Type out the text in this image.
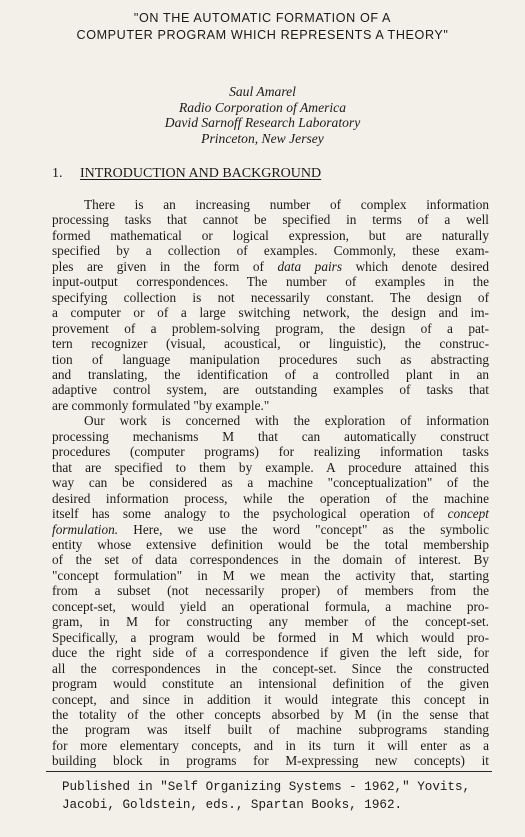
"ON THE AUTOMATIC FORMATION OF A
COMPUTER PROGRAM WHICH REPRESENTS A THEORY"
Saul Amarel
Radio Corporation of America
David Sarnoff Research Laboratory
Princeton, New Jersey
1. INTRODUCTION AND BACKGROUND

There is an increasing number of complex information
processing tasks that cannot be specified in terms of a well
formed mathematical or logical expression, but are naturally
specified by a collection of examples. Commonly, these exam-
ples are given in the form of data pairs which denote desired
input-output correspondences. The number of examples in the
specifying collection is not necessarily constant. The design of
a computer or of a large switching network, the design and im-
provement of a problem-solving program, the design of a pat-
tern recognizer (visual, acoustical, or linguistic), the construc-
tion of language manipulation procedures such as abstracting
and translating, the identification of a controlled plant in an
adaptive control system, are outstanding examples of tasks that
are commonly formulated "by example."

Our work is concerned with the exploration of information
processing mechanisms M that can automatically construct
procedures (computer programs) for realizing information tasks
that are specified to them by example. A procedure attained this
way can be considered as a machine "conceptualization" of the
desired information process, while the operation of the machine
itself has some analogy to the psychological operation of concept
formulation. Here, we use the word "concept" as the symbolic
entity whose extensive definition would be the total membership
of the set of data correspondences in the domain of interest. By
"concept formulation" in M we mean the activity that, starting
from a subset (not necessarily proper) of members from the
concept-set, would yield an operational formula, a machine pro-
gram, in M for constructing any member of the concept-set.
Specifically, a program would be formed in M which would pro-
duce the right side of a correspondence if given the left side, for
all the correspondences in the concept-set. Since the constructed
program would constitute an intensional definition of the given
concept, and since in addition it would integrate this concept in
the totality of the other concepts absorbed by M (in the sense that
the program was itself built of machine subprograms standing
for more elementary concepts, and in its turn it will enter as a
building block in programs for M-expressing new concepts) it

Published in "Self Organizing Systems - 1962," Yovits,
Jacobi, Goldstein, eds., Spartan Books, 1962.
